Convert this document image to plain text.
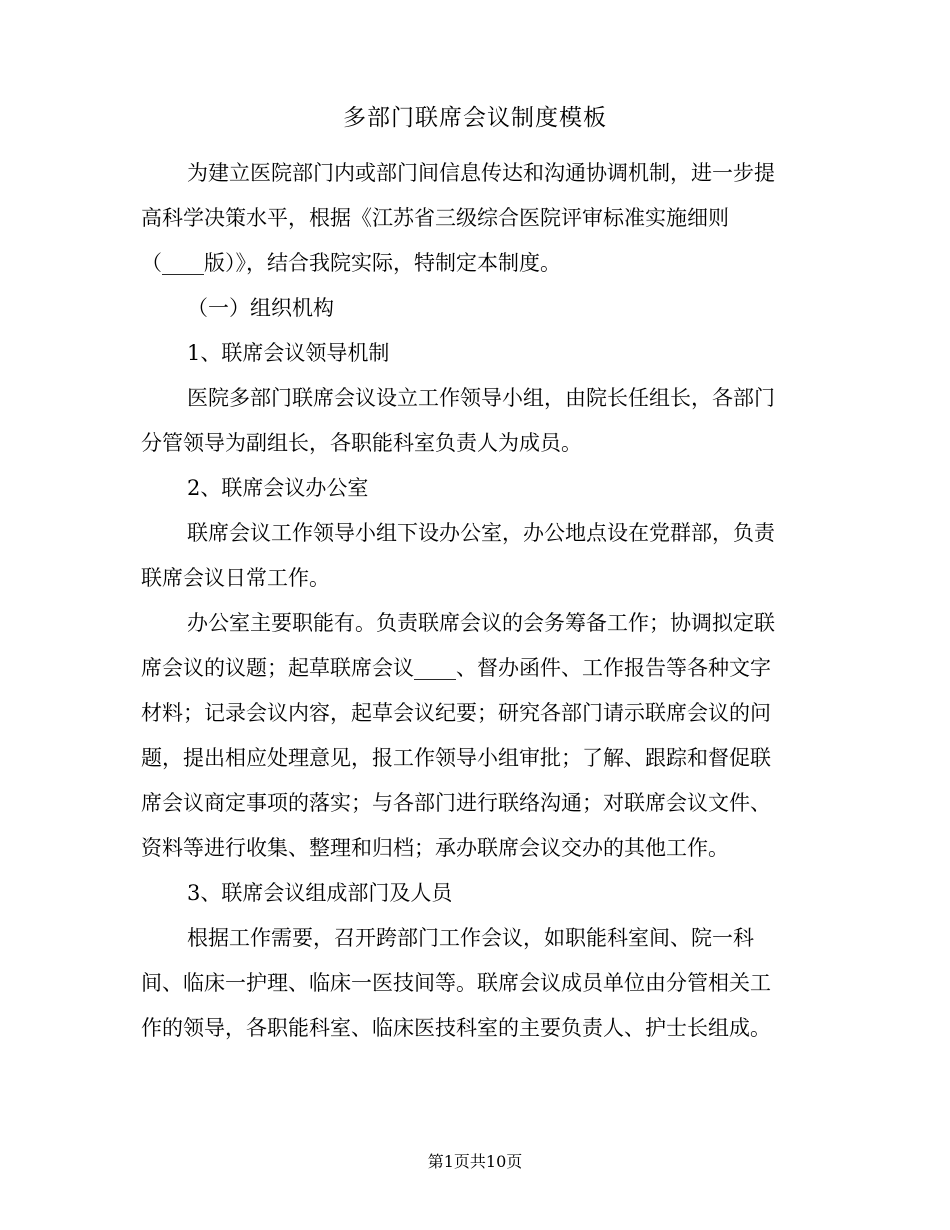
多部门联席会议制度模板

为建立医院部门内或部门间信息传达和沟通协调机制，进一步提
高科学决策水平，根据《江苏省三级综合医院评审标准实施细则
（____版）》，结合我院实际，特制定本制度。

（一）组织机构

1、联席会议领导机制

医院多部门联席会议设立工作领导小组，由院长任组长，各部门
分管领导为副组长，各职能科室负责人为成员。

2、联席会议办公室

联席会议工作领导小组下设办公室，办公地点设在党群部，负责
联席会议日常工作。

办公室主要职能有。负责联席会议的会务筹备工作；协调拟定联
席会议的议题；起草联席会议____、督办函件、工作报告等各种文字
材料；记录会议内容，起草会议纪要；研究各部门请示联席会议的问
题，提出相应处理意见，报工作领导小组审批；了解、跟踪和督促联
席会议商定事项的落实；与各部门进行联络沟通；对联席会议文件、
资料等进行收集、整理和归档；承办联席会议交办的其他工作。

3、联席会议组成部门及人员

根据工作需要，召开跨部门工作会议，如职能科室间、院一科
间、临床一护理、临床一医技间等。联席会议成员单位由分管相关工
作的领导，各职能科室、临床医技科室的主要负责人、护士长组成。

第1页共10页
